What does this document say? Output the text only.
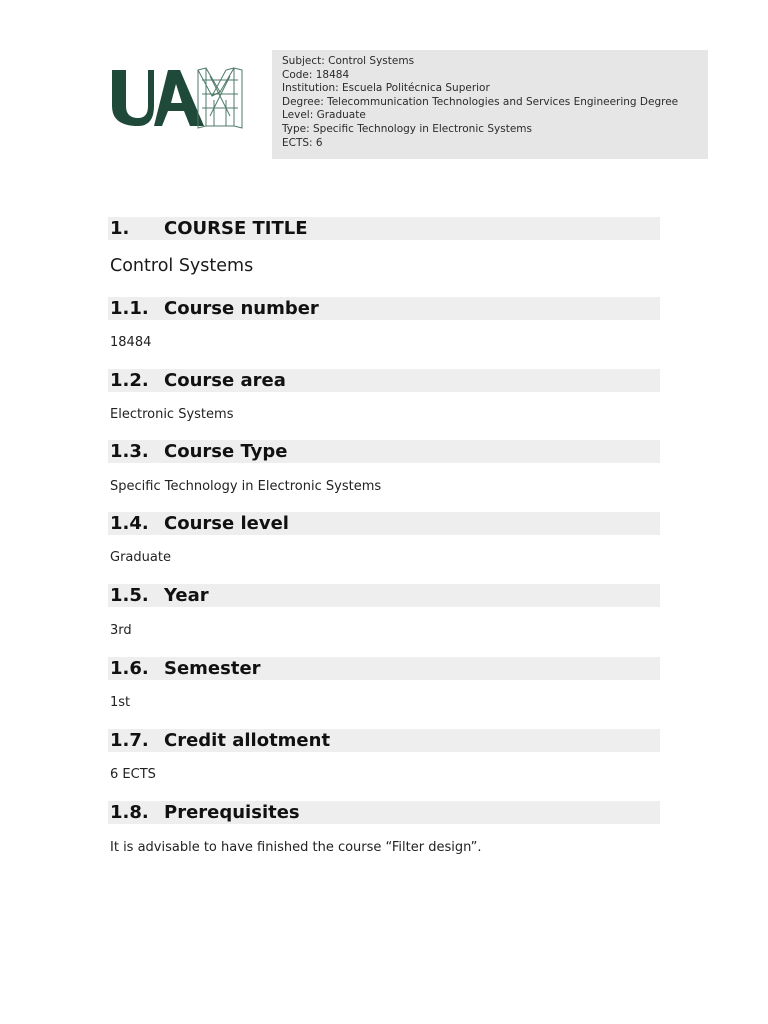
Subject: Control Systems
Code: 18484
Institution: Escuela Politécnica Superior
Degree: Telecommunication Technologies and Services Engineering Degree
Level: Graduate
Type: Specific Technology in Electronic Systems
ECTS: 6
1.	COURSE TITLE
Control Systems
1.1. Course number
18484
1.2. Course area
Electronic Systems
1.3. Course Type
Specific Technology in Electronic Systems
1.4. Course level
Graduate
1.5. Year
3rd
1.6. Semester
1st
1.7. Credit allotment
6 ECTS
1.8. Prerequisites
It is advisable to have finished the course “Filter design”.
